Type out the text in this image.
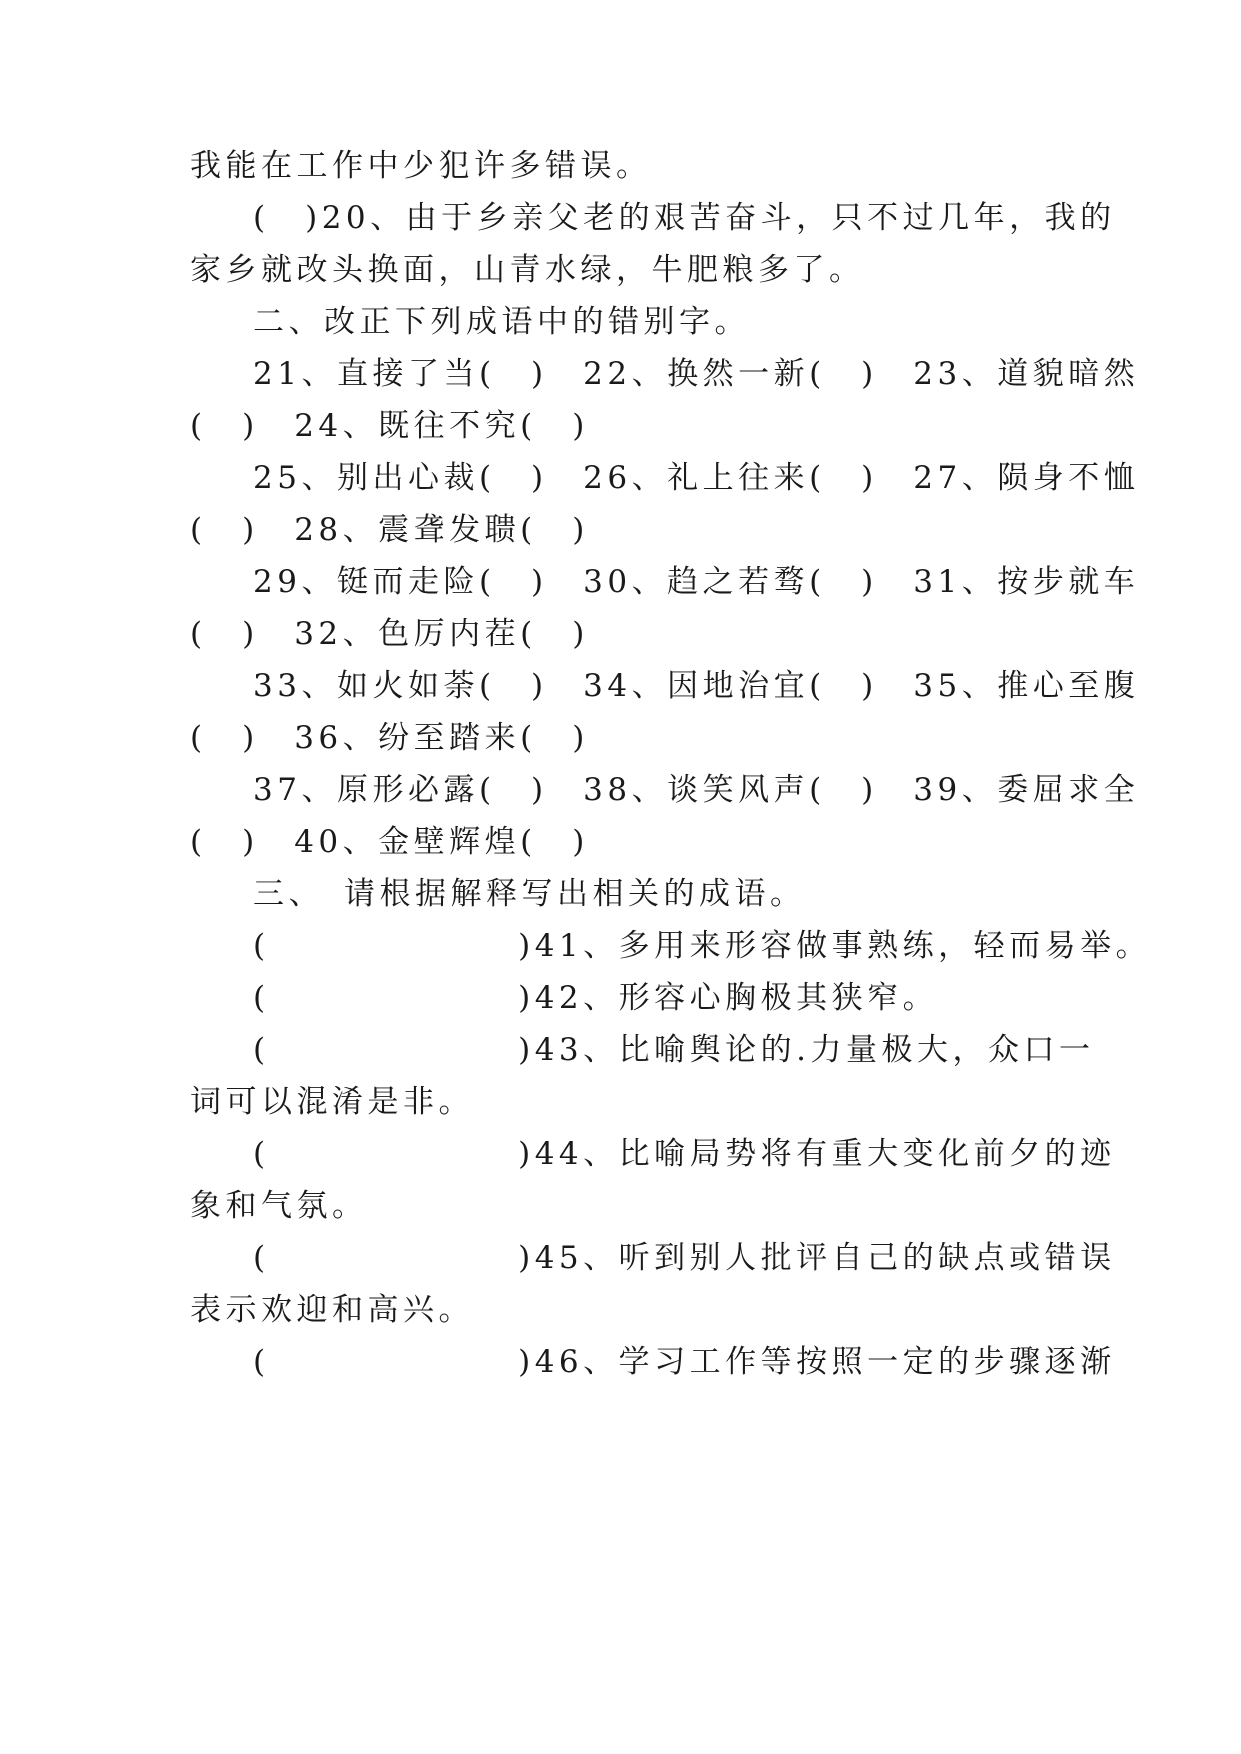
我能在工作中少犯许多错误。
(　)20、由于乡亲父老的艰苦奋斗，只不过几年，我的
家乡就改头换面，山青水绿，牛肥粮多了。
二、改正下列成语中的错别字。
21、直接了当(　)　22、换然一新(　)　23、道貌暗然
(　)　24、既往不究(　)
25、别出心裁(　)　26、礼上往来(　)　27、陨身不恤
(　)　28、震聋发聩(　)
29、铤而走险(　)　30、趋之若骛(　)　31、按步就车
(　)　32、色厉内茬(　)
33、如火如荼(　)　34、因地治宜(　)　35、推心至腹
(　)　36、纷至踏来(　)
37、原形必露(　)　38、谈笑风声(　)　39、委屈求全
(　)　40、金壁辉煌(　)
三、　请根据解释写出相关的成语。
(　　　　　　　)41、多用来形容做事熟练，轻而易举。
(　　　　　　　)42、形容心胸极其狭窄。
(　　　　　　　)43、比喻舆论的.力量极大，众口一
词可以混淆是非。
(　　　　　　　)44、比喻局势将有重大变化前夕的迹
象和气氛。
(　　　　　　　)45、听到别人批评自己的缺点或错误
表示欢迎和高兴。
(　　　　　　　)46、学习工作等按照一定的步骤逐渐
